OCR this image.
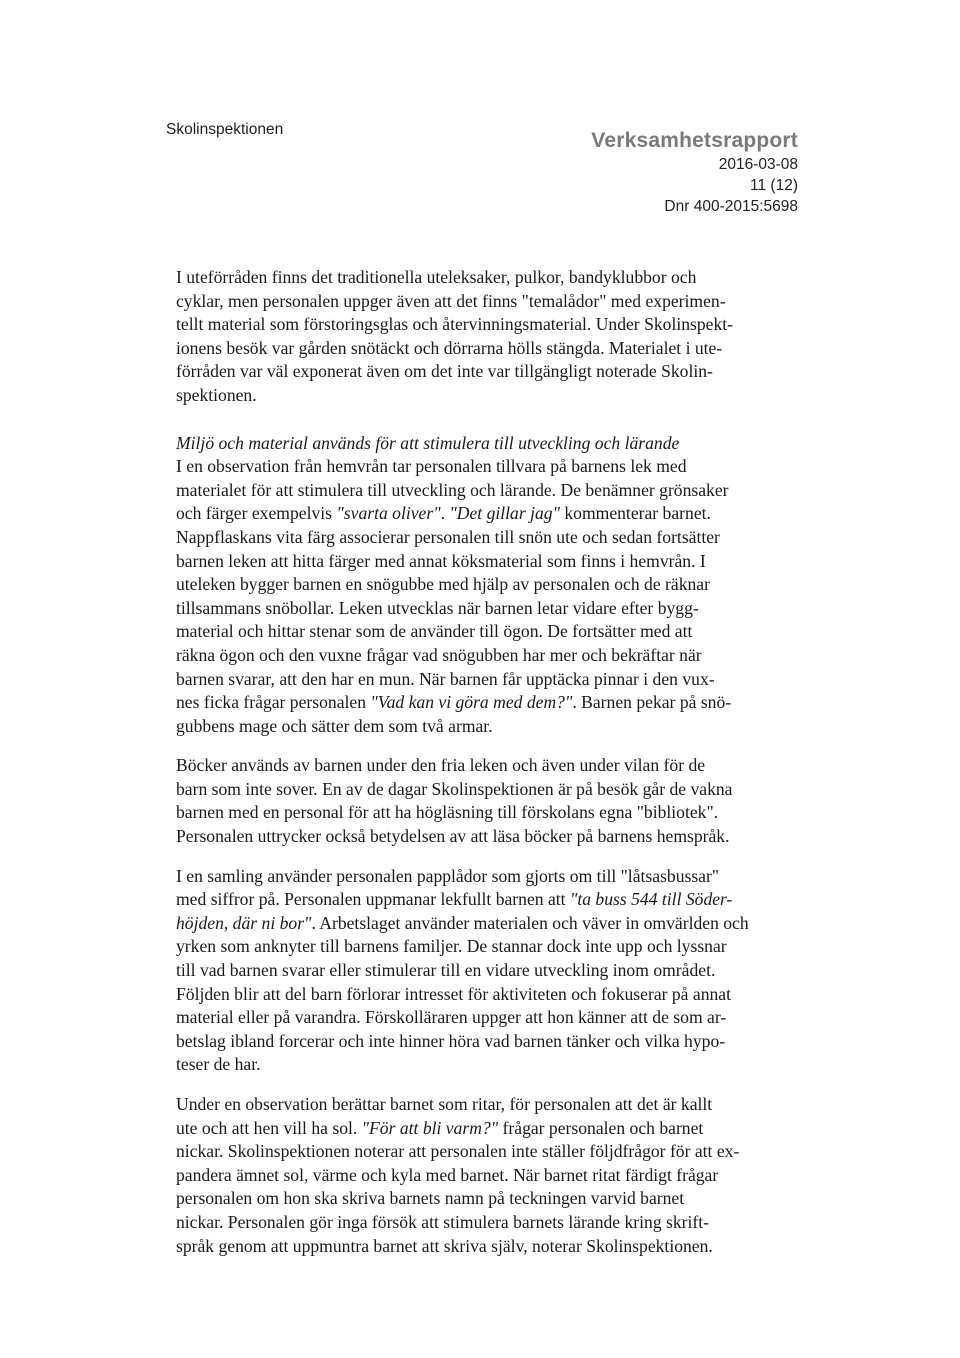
Skolinspektionen	Verksamhetsrapport
2016-03-08
11 (12)
Dnr 400-2015:5698
I uteförråden finns det traditionella uteleksaker, pulkor, bandyklubbor och
cyklar, men personalen uppger även att det finns "temalådor" med experimen-
tellt material som förstoringsglas och återvinningsmaterial. Under Skolinspekt-
ionens besök var gården snötäckt och dörrarna hölls stängda. Materialet i ute-
förråden var väl exponerat även om det inte var tillgängligt noterade Skolin-
spektionen.
Miljö och material används för att stimulera till utveckling och lärande
I en observation från hemvrån tar personalen tillvara på barnens lek med
materialet för att stimulera till utveckling och lärande. De benämner grönsaker
och färger exempelvis "svarta oliver". "Det gillar jag" kommenterar barnet.
Nappflaskans vita färg associerar personalen till snön ute och sedan fortsätter
barnen leken att hitta färger med annat köksmaterial som finns i hemvrån. I
uteleken bygger barnen en snögubbe med hjälp av personalen och de räknar
tillsammans snöbollar. Leken utvecklas när barnen letar vidare efter bygg-
material och hittar stenar som de använder till ögon. De fortsätter med att
räkna ögon och den vuxne frågar vad snögubben har mer och bekräftar när
barnen svarar, att den har en mun. När barnen får upptäcka pinnar i den vux-
nes ficka frågar personalen "Vad kan vi göra med dem?". Barnen pekar på snö-
gubbens mage och sätter dem som två armar.
Böcker används av barnen under den fria leken och även under vilan för de
barn som inte sover. En av de dagar Skolinspektionen är på besök går de vakna
barnen med en personal för att ha högläsning till förskolans egna "bibliotek".
Personalen uttrycker också betydelsen av att läsa böcker på barnens hemspråk.
I en samling använder personalen papplådor som gjorts om till "låtsasbussar"
med siffror på. Personalen uppmanar lekfullt barnen att "ta buss 544 till Söder-
höjden, där ni bor". Arbetslaget använder materialen och väver in omvärlden och
yrken som anknyter till barnens familjer. De stannar dock inte upp och lyssnar
till vad barnen svarar eller stimulerar till en vidare utveckling inom området.
Följden blir att del barn förlorar intresset för aktiviteten och fokuserar på annat
material eller på varandra. Förskolläraren uppger att hon känner att de som ar-
betslag ibland forcerar och inte hinner höra vad barnen tänker och vilka hypo-
teser de har.
Under en observation berättar barnet som ritar, för personalen att det är kallt
ute och att hen vill ha sol. "För att bli varm?" frågar personalen och barnet
nickar. Skolinspektionen noterar att personalen inte ställer följdfrågor för att ex-
pandera ämnet sol, värme och kyla med barnet. När barnet ritat färdigt frågar
personalen om hon ska skriva barnets namn på teckningen varvid barnet
nickar. Personalen gör inga försök att stimulera barnets lärande kring skrift-
språk genom att uppmuntra barnet att skriva själv, noterar Skolinspektionen.
